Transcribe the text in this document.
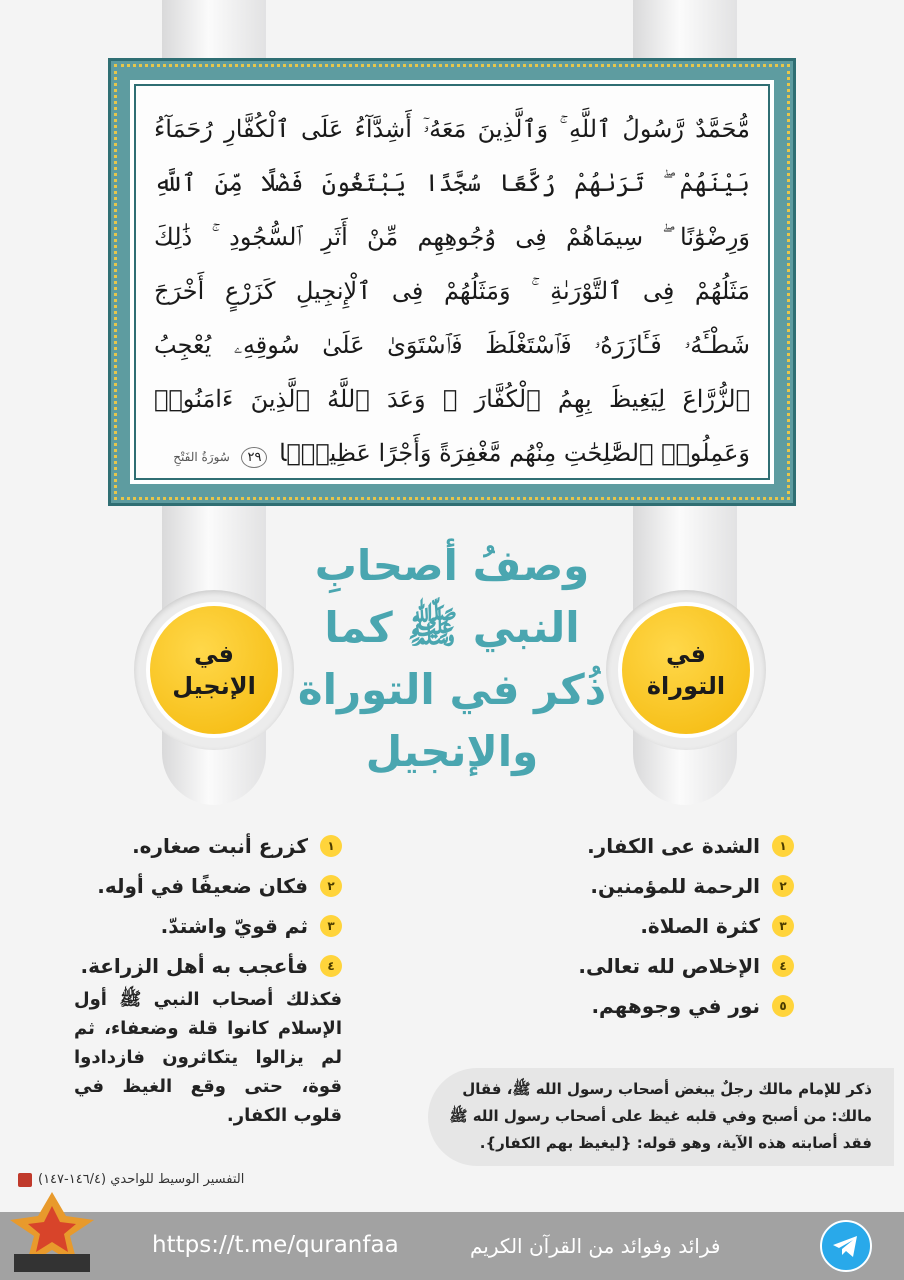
مُّحَمَّدٌ رَّسُولُ ٱللَّهِ ۚ وَٱلَّذِينَ مَعَهُۥٓ أَشِدَّآءُ عَلَى ٱلْكُفَّارِ رُحَمَآءُ
بَيْنَهُمْ ۖ تَرَىٰهُمْ رُكَّعًا سُجَّدًا يَبْتَغُونَ فَضْلًا مِّنَ ٱللَّهِ
وَرِضْوَٰنًا ۖ سِيمَاهُمْ فِى وُجُوهِهِم مِّنْ أَثَرِ ٱلسُّجُودِ ۚ ذَٰلِكَ
مَثَلُهُمْ فِى ٱلتَّوْرَىٰةِ ۚ وَمَثَلُهُمْ فِى ٱلْإِنجِيلِ كَزَرْعٍ أَخْرَجَ
شَطْـَٔهُۥ فَـَٔازَرَهُۥ فَٱسْتَغْلَظَ فَٱسْتَوَىٰ عَلَىٰ سُوقِهِۦ يُعْجِبُ
ٱلزُّرَّاعَ لِيَغِيظَ بِهِمُ ٱلْكُفَّارَ ۗ وَعَدَ ٱللَّهُ ٱلَّذِينَ ءَامَنُوا۟
وَعَمِلُوا۟ ٱلصَّٰلِحَٰتِ مِنْهُم مَّغْفِرَةً وَأَجْرًا عَظِيمًۢا ٢٩ سُورَةُ الفَتْحِ
وصفُ أصحابِ
النبي ﷺ كما
ذُكر في التوراة
والإنجيل
في
الإنجيل
في
التوراة
١
الشدة عى الكفار.
٢
الرحمة للمؤمنين.
٣
كثرة الصلاة.
٤
الإخلاص لله تعالى.
٥
نور في وجوههم.
١
كزرع أنبت صغاره.
٢
فكان ضعيفًا في أوله.
٣
ثم قويّ واشتدّ.
٤
فأعجب به أهل الزراعة.
فكذلك أصحاب النبي ﷺ أول الإسلام كانوا قلة وضعفاء، ثم لم يزالوا يتكاثرون فازدادوا قوة، حتى وقع الغيظ في قلوب الكفار.
ذكر للإمام مالك رجلٌ يبغض أصحاب رسول الله ﷺ، فقال
مالك: من أصبح وفي قلبه غيظ على أصحاب رسول الله ﷺ
فقد أصابته هذه الآية، وهو قوله: {ليغيظ بهم الكفار}.
التفسير الوسيط للواحدي (١٤٦/٤-١٤٧)
https://t.me/quranfaa	فرائد وفوائد من القرآن الكريم
